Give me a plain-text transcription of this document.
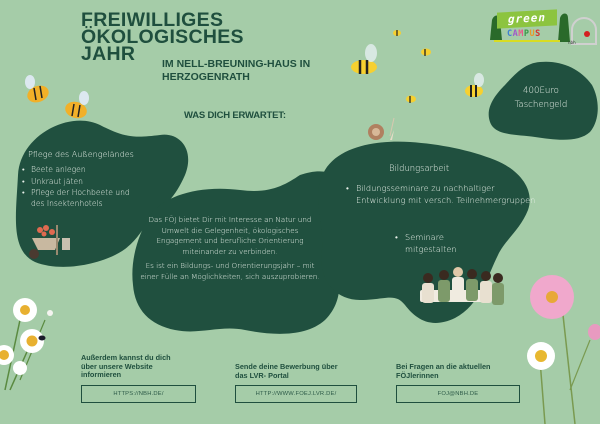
FREIWILLIGES
ÖKOLOGISCHES
JAHR	IM NELL-BREUNING-HAUS IN
HERZOGENRATH
green
CAMPUS
nbh
WAS DICH ERWARTET:
400Euro
Taschengeld
Pflege des Außengeländes
• Beete anlegen
• Unkraut jäten
• Pflege der Hochbeete und
des Insektenhotels

Das FÖJ bietet Dir mit Interesse an Natur und Umwelt die Gelegenheit, ökologisches Engagement und berufliche Orientierung miteinander zu verbinden.

Es ist ein Bildungs- und Orientierungsjahr – mit einer Fülle an Möglichkeiten, sich auszuprobieren.

Bildungsarbeit
• Bildungsseminare zu nachhaltiger Entwicklung mit versch. Teilnehmergruppen
• Seminare
mitgestalten
Außerdem kannst du dich
über unsere Website
informieren
HTTPS://NBH.DE/
Sende deine Bewerbung über
das LVR- Portal
HTTP://WWW.FOEJ.LVR.DE/
Bei Fragen an die aktuellen
FÖJlerinnen
FOJ@NBH.DE
